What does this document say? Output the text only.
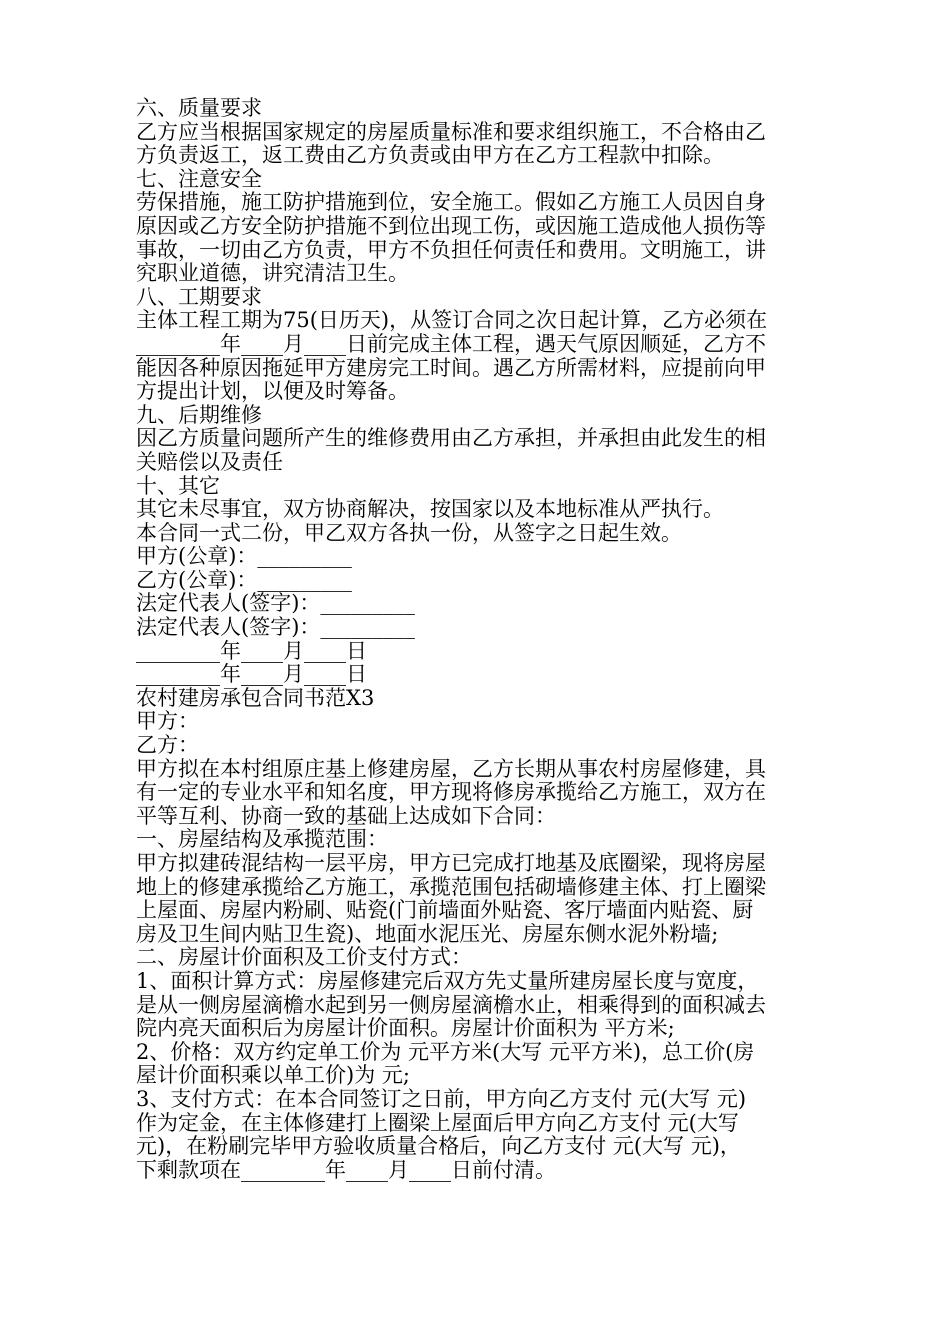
六、质量要求
乙方应当根据国家规定的房屋质量标准和要求组织施工，不合格由乙
方负责返工，返工费由乙方负责或由甲方在乙方工程款中扣除。
七、注意安全
劳保措施，施工防护措施到位，安全施工。假如乙方施工人员因自身
原因或乙方安全防护措施不到位出现工伤，或因施工造成他人损伤等
事故，一切由乙方负责，甲方不负担任何责任和费用。文明施工，讲
究职业道德，讲究清洁卫生。
八、工期要求
主体工程工期为75(日历天)，从签订合同之次日起计算，乙方必须在
________年____月____日前完成主体工程，遇天气原因顺延，乙方不
能因各种原因拖延甲方建房完工时间。遇乙方所需材料，应提前向甲
方提出计划，以便及时筹备。
九、后期维修
因乙方质量问题所产生的维修费用由乙方承担，并承担由此发生的相
关赔偿以及责任
十、其它
其它未尽事宜，双方协商解决，按国家以及本地标准从严执行。
本合同一式二份，甲乙双方各执一份，从签字之日起生效。
甲方(公章)：_________
乙方(公章)：_________
法定代表人(签字)：_________
法定代表人(签字)：_________
________年____月____日
________年____月____日
农村建房承包合同书范X3
甲方：
乙方：
甲方拟在本村组原庄基上修建房屋，乙方长期从事农村房屋修建，具
有一定的专业水平和知名度，甲方现将修房承揽给乙方施工，双方在
平等互利、协商一致的基础上达成如下合同：
一、房屋结构及承揽范围：
甲方拟建砖混结构一层平房，甲方已完成打地基及底圈梁，现将房屋
地上的修建承揽给乙方施工，承揽范围包括砌墙修建主体、打上圈梁
上屋面、房屋内粉刷、贴瓷(门前墙面外贴瓷、客厅墙面内贴瓷、厨
房及卫生间内贴卫生瓷)、地面水泥压光、房屋东侧水泥外粉墙;
二、房屋计价面积及工价支付方式：
1、面积计算方式：房屋修建完后双方先丈量所建房屋长度与宽度，
是从一侧房屋滴檐水起到另一侧房屋滴檐水止，相乘得到的面积减去
院内亮天面积后为房屋计价面积。房屋计价面积为 平方米;
2、价格：双方约定单工价为 元平方米(大写 元平方米)，总工价(房
屋计价面积乘以单工价)为 元;
3、支付方式：在本合同签订之日前，甲方向乙方支付 元(大写 元)
作为定金，在主体修建打上圈梁上屋面后甲方向乙方支付 元(大写
元)，在粉刷完毕甲方验收质量合格后，向乙方支付 元(大写 元)，
下剩款项在________年____月____日前付清。
